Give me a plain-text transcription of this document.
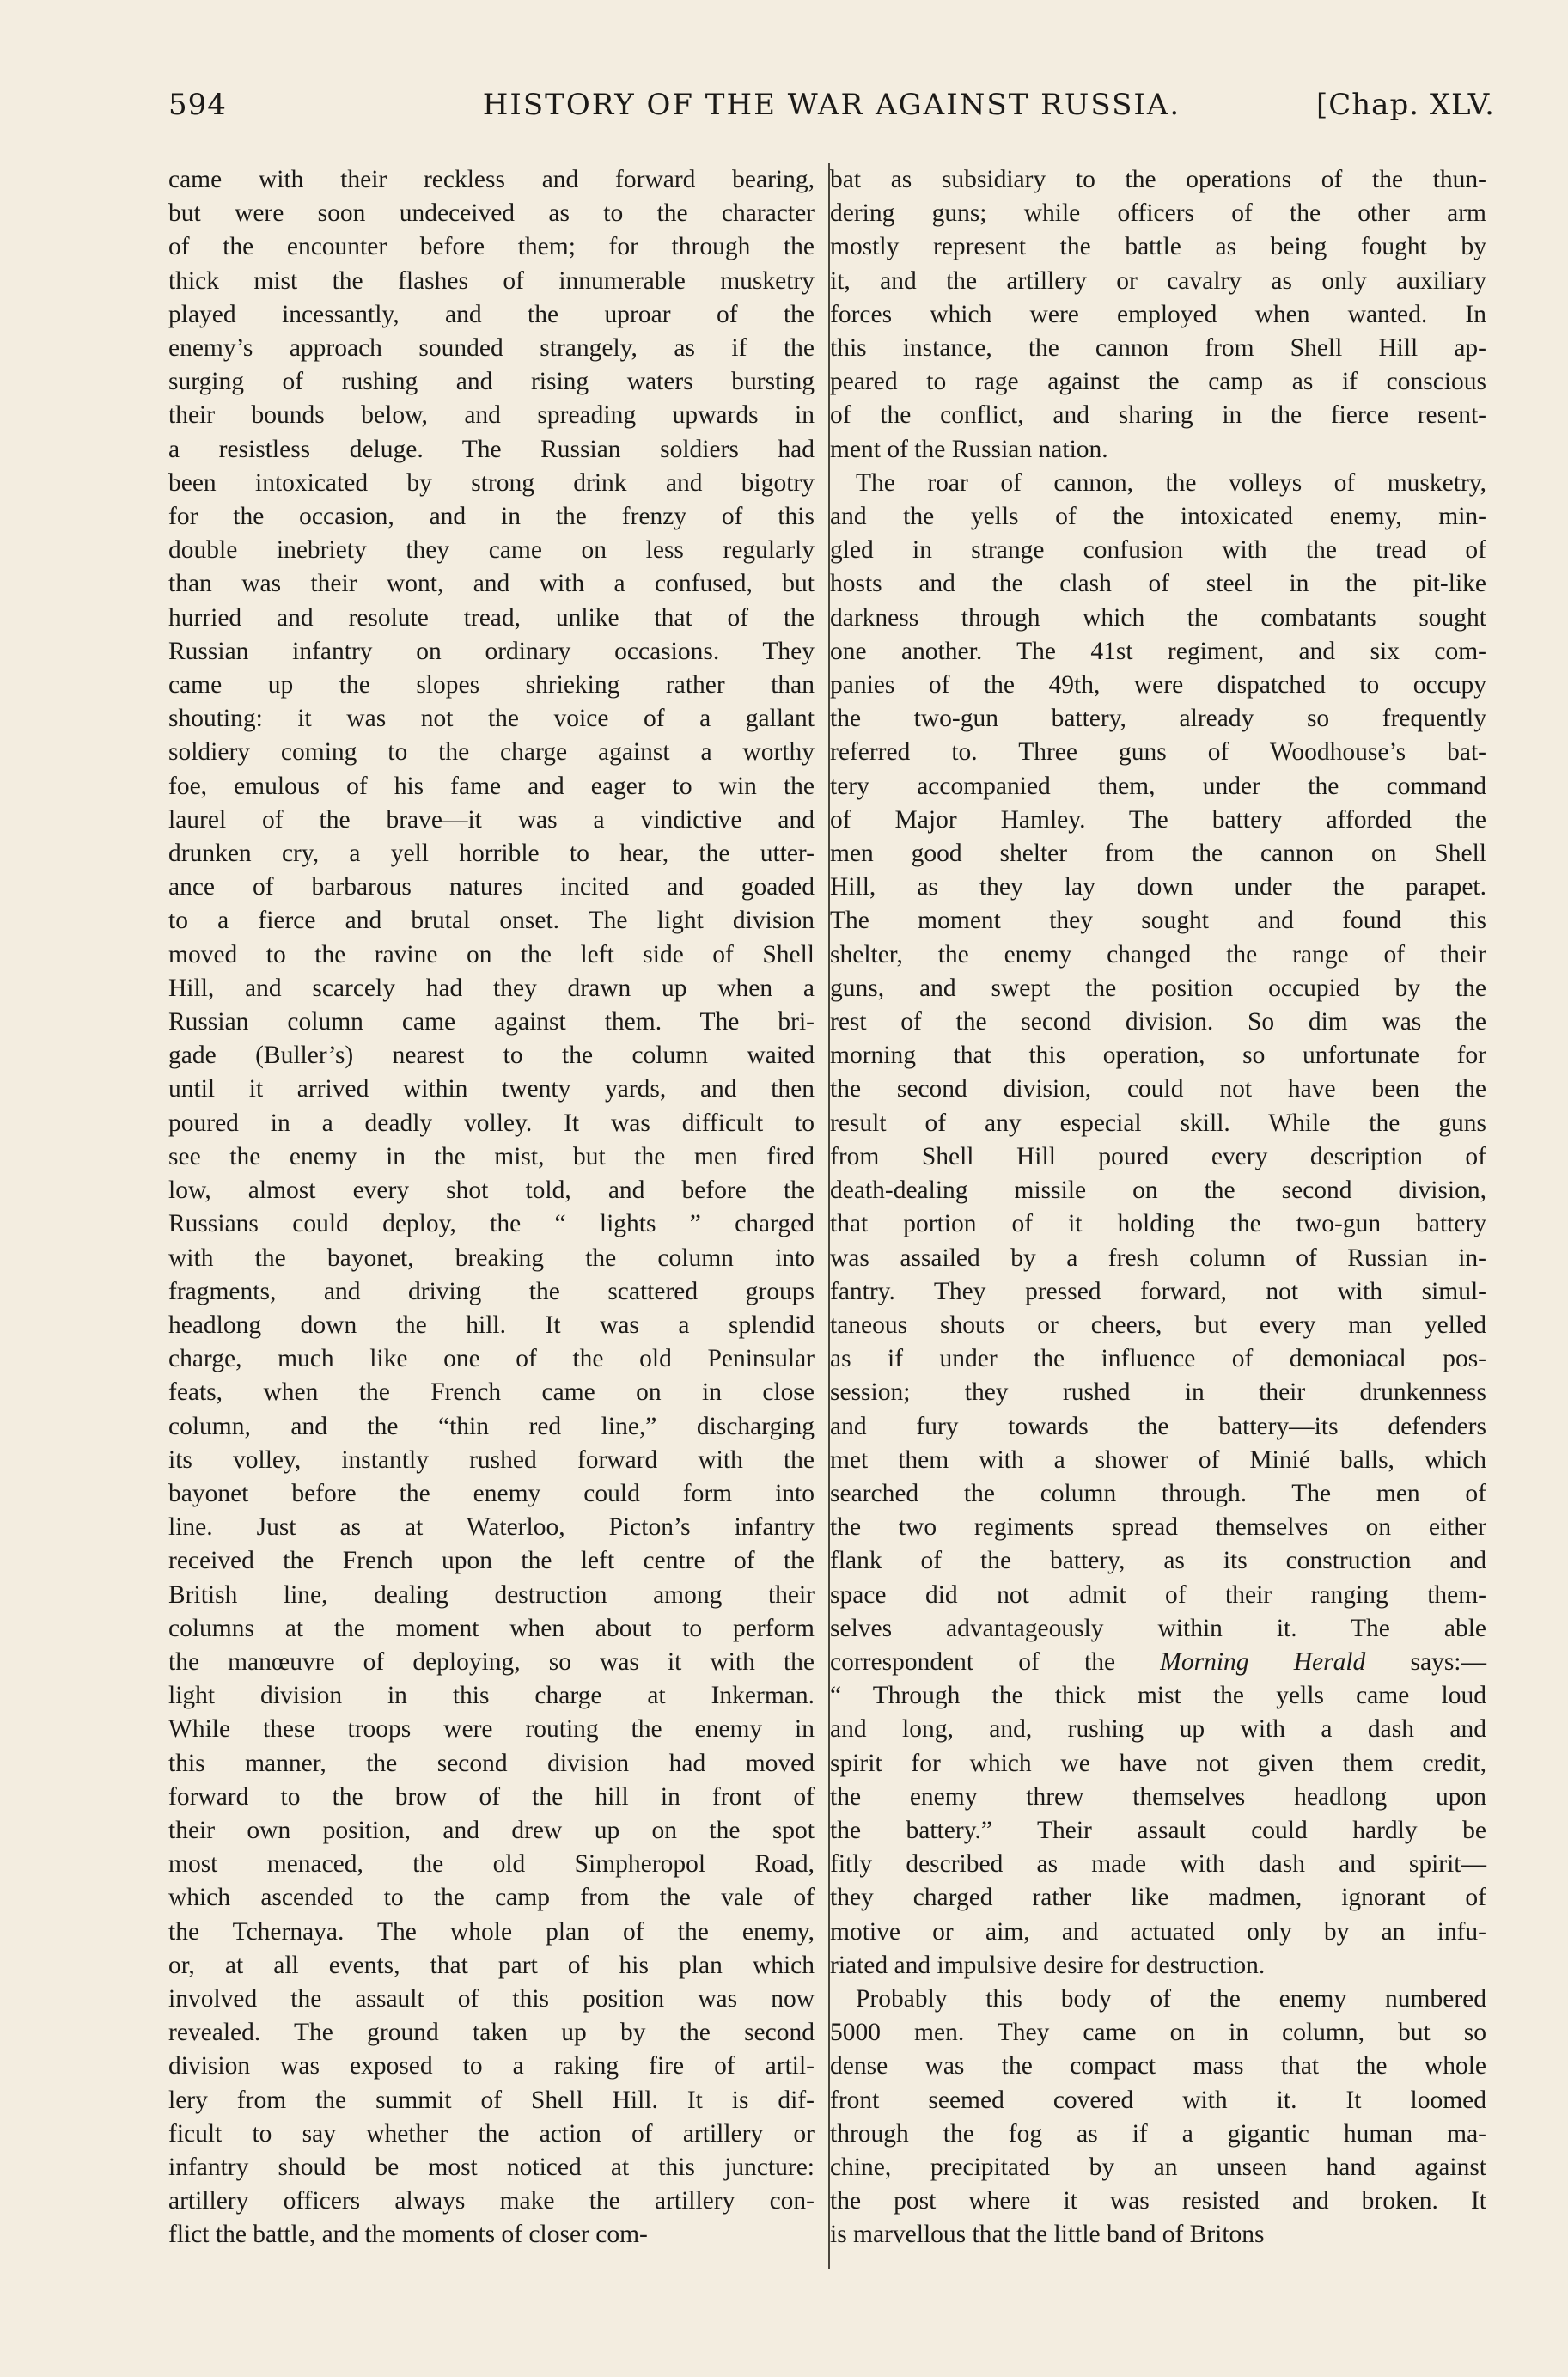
594	HISTORY OF THE WAR AGAINST RUSSIA.	[Chap. XLV.
came with their reckless and forward bearing,
but were soon undeceived as to the character
of the encounter before them; for through the
thick mist the flashes of innumerable musketry
played incessantly, and the uproar of the
enemy’s approach sounded strangely, as if the
surging of rushing and rising waters bursting
their bounds below, and spreading upwards in
a resistless deluge. The Russian soldiers had
been intoxicated by strong drink and bigotry
for the occasion, and in the frenzy of this
double inebriety they came on less regularly
than was their wont, and with a confused, but
hurried and resolute tread, unlike that of the
Russian infantry on ordinary occasions. They
came up the slopes shrieking rather than
shouting: it was not the voice of a gallant
soldiery coming to the charge against a worthy
foe, emulous of his fame and eager to win the
laurel of the brave—it was a vindictive and
drunken cry, a yell horrible to hear, the utter-
ance of barbarous natures incited and goaded
to a fierce and brutal onset. The light division
moved to the ravine on the left side of Shell
Hill, and scarcely had they drawn up when a
Russian column came against them. The bri-
gade (Buller’s) nearest to the column waited
until it arrived within twenty yards, and then
poured in a deadly volley. It was difficult to
see the enemy in the mist, but the men fired
low, almost every shot told, and before the
Russians could deploy, the “ lights ” charged
with the bayonet, breaking the column into
fragments, and driving the scattered groups
headlong down the hill. It was a splendid
charge, much like one of the old Peninsular
feats, when the French came on in close
column, and the “thin red line,” discharging
its volley, instantly rushed forward with the
bayonet before the enemy could form into
line. Just as at Waterloo, Picton’s infantry
received the French upon the left centre of the
British line, dealing destruction among their
columns at the moment when about to perform
the manœuvre of deploying, so was it with the
light division in this charge at Inkerman.
While these troops were routing the enemy in
this manner, the second division had moved
forward to the brow of the hill in front of
their own position, and drew up on the spot
most menaced, the old Simpheropol Road,
which ascended to the camp from the vale of
the Tchernaya. The whole plan of the enemy,
or, at all events, that part of his plan which
involved the assault of this position was now
revealed. The ground taken up by the second
division was exposed to a raking fire of artil-
lery from the summit of Shell Hill. It is dif-
ficult to say whether the action of artillery or
infantry should be most noticed at this juncture:
artillery officers always make the artillery con-
flict the battle, and the moments of closer com-
bat as subsidiary to the operations of the thun-
dering guns; while officers of the other arm
mostly represent the battle as being fought by
it, and the artillery or cavalry as only auxiliary
forces which were employed when wanted. In
this instance, the cannon from Shell Hill ap-
peared to rage against the camp as if conscious
of the conflict, and sharing in the fierce resent-
ment of the Russian nation.
The roar of cannon, the volleys of musketry,
and the yells of the intoxicated enemy, min-
gled in strange confusion with the tread of
hosts and the clash of steel in the pit-like
darkness through which the combatants sought
one another. The 41st regiment, and six com-
panies of the 49th, were dispatched to occupy
the two-gun battery, already so frequently
referred to. Three guns of Woodhouse’s bat-
tery accompanied them, under the command
of Major Hamley. The battery afforded the
men good shelter from the cannon on Shell
Hill, as they lay down under the parapet.
The moment they sought and found this
shelter, the enemy changed the range of their
guns, and swept the position occupied by the
rest of the second division. So dim was the
morning that this operation, so unfortunate for
the second division, could not have been the
result of any especial skill. While the guns
from Shell Hill poured every description of
death-dealing missile on the second division,
that portion of it holding the two-gun battery
was assailed by a fresh column of Russian in-
fantry. They pressed forward, not with simul-
taneous shouts or cheers, but every man yelled
as if under the influence of demoniacal pos-
session; they rushed in their drunkenness
and fury towards the battery—its defenders
met them with a shower of Minié balls, which
searched the column through. The men of
the two regiments spread themselves on either
flank of the battery, as its construction and
space did not admit of their ranging them-
selves advantageously within it. The able
correspondent of the Morning Herald says:—
“ Through the thick mist the yells came loud
and long, and, rushing up with a dash and
spirit for which we have not given them credit,
the enemy threw themselves headlong upon
the battery.” Their assault could hardly be
fitly described as made with dash and spirit—
they charged rather like madmen, ignorant of
motive or aim, and actuated only by an infu-
riated and impulsive desire for destruction.
Probably this body of the enemy numbered
5000 men. They came on in column, but so
dense was the compact mass that the whole
front seemed covered with it. It loomed
through the fog as if a gigantic human ma-
chine, precipitated by an unseen hand against
the post where it was resisted and broken. It
is marvellous that the little band of Britons
